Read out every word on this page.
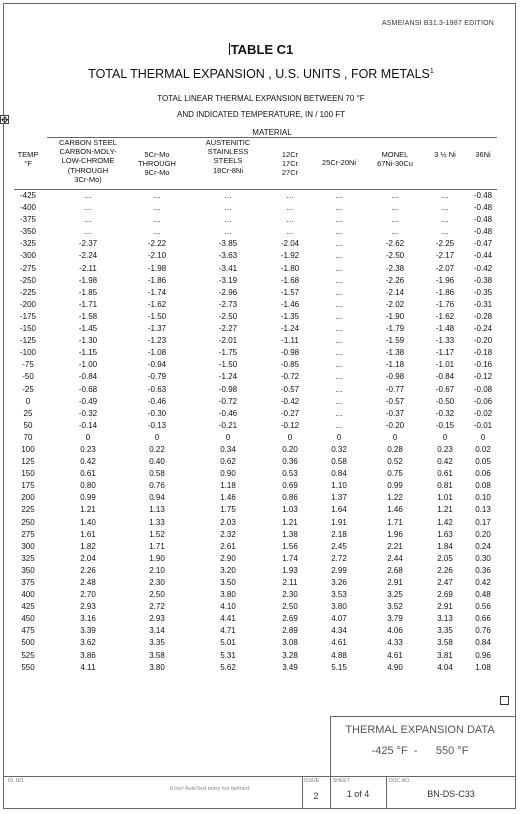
ASME/ANSI B31.3-1987 EDITION
TABLE C1
TOTAL THERMAL EXPANSION , U.S. UNITS , FOR METALS$^1$
TOTAL LINEAR THERMAL EXPANSION BETWEEN 70 °F
AND INDICATED TEMPERATURE, IN / 100 FT
✥
MATERIAL
TEMP
°F
CARBON STEEL
CARBON-MOLY-
LOW-CHROME
(THROUGH
3Cr-Mo)
5Cr-Mo
THROUGH
9Cr-Mo
AUSTENITIC
STAINLESS
STEELS
18Cr-8Ni
12Cr
17Cr
27Cr
25Cr-20Ni
MONEL
67Ni-30Cu
3 ½ Ni	36Ni
-425
-400
-375
-350
-325
-300
-275
-250
-225
-200
-175
-150
-125
-100
-75
-50
-25
0
25
50
70
100
125
150
175
200
225
250
275
300
325
350
375
400
425
450
475
500
525
550
...
...
...
...
-2.37
-2.24
-2.11
-1.98
-1.85
-1.71
-1.58
-1.45
-1.30
-1.15
-1.00
-0.84
-0.68
-0.49
-0.32
-0.14
0
0.23
0.42
0.61
0.80
0.99
1.21
1.40
1.61
1.82
2.04
2.26
2.48
2.70
2.93
3.16
3.39
3.62
3.86
4.11
...
...
...
...
-2.22
-2.10
-1.98
-1.86
-1.74
-1.62
-1.50
-1.37
-1.23
-1.08
-0.94
-0.79
-0.63
-0.46
-0.30
-0.13
0
0.22
0.40
0.58
0.76
0.94
1.13
1.33
1.52
1.71
1.90
2.10
2.30
2.50
2.72
2.93
3.14
3.35
3.58
3.80
...
...
...
...
-3.85
-3.63
-3.41
-3.19
-2.96
-2.73
-2.50
-2.27
-2.01
-1.75
-1.50
-1.24
-0.98
-0.72
-0.46
-0.21
0
0.34
0.62
0.90
1.18
1.46
1.75
2.03
2.32
2.61
2.90
3.20
3.50
3.80
4.10
4.41
4.71
5.01
5.31
5.62
...
...
...
...
-2.04
-1.92
-1.80
-1.68
-1.57
-1.46
-1.35
-1.24
-1.11
-0.98
-0.85
-0.72
-0.57
-0.42
-0.27
-0.12
0
0.20
0.36
0.53
0.69
0.86
1.03
1.21
1.38
1.56
1.74
1.93
2.11
2.30
2.50
2.69
2.89
3.08
3.28
3.49
...
...
...
...
...
...
...
...
...
...
...
...
...
...
...
...
...
...
...
...
0
0.32
0.58
0.84
1.10
1.37
1.64
1.91
2.18
2.45
2.72
2.99
3.26
3.53
3.80
4.07
4.34
4.61
4.88
5.15
...
...
...
...
-2.62
-2.50
-2.38
-2.26
-2.14
-2.02
-1.90
-1.79
-1.59
-1.38
-1.18
-0.98
-0.77
-0.57
-0.37
-0.20
0
0.28
0.52
0.75
0.99
1.22
1.46
1.71
1.96
2.21
2.44
2.68
2.91
3.25
3.52
3.79
4.06
4.33
4.61
4.90
...
...
...
...
-2.25
-2.17
-2.07
-1.96
-1.86
-1.76
-1.62
-1.48
-1.33
-1.17
-1.01
-0.84
-0.67
-0.50
-0.32
-0.15
0
0.23
0.42
0.61
0.81
1.01
1.21
1.42
1.63
1.84
2.05
2.26
2.47
2.69
2.91
3.13
3.35
3.58
3.81
4.04
-0.48
-0.48
-0.48
-0.48
-0.47
-0.44
-0.42
-0.38
-0.35
-0.31
-0.28
-0.24
-0.20
-0.18
-0.16
-0.12
-0.08
-0.06
-0.02
-0.01
0
0.02
0.05
0.06
0.08
0.10
0.13
0.17
0.20
0.24
0.30
0.36
0.42
0.48
0.56
0.66
0.76
0.84
0.96
1.08
THERMAL EXPANSION DATA
-425 °F  -      550 °F
ID. NO.
Error! AutoText entry not defined.
ISSUE
2
SHEET
1 of 4
DOC NO.
BN-DS-C33
